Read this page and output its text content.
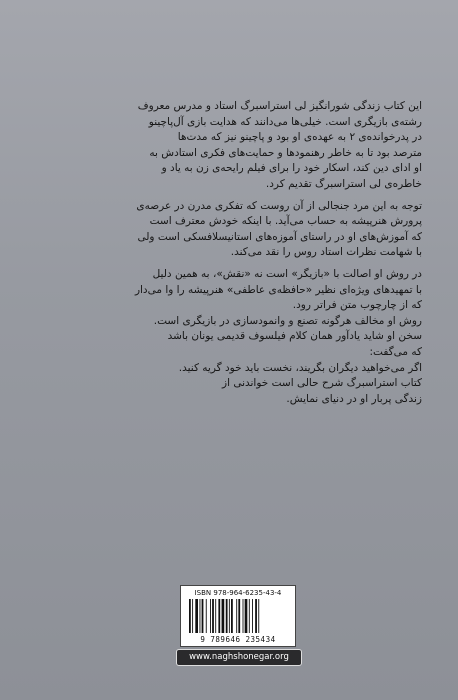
این کتاب زندگی شورانگیز لی استراسبرگ استاد و مدرس معروف
رشته‌ی بازیگری است. خیلی‌ها می‌دانند که هدایت بازی آل‌پاچینو
در پدرخوانده‌ی ۲ به عهده‌ی او بود و پاچینو نیز که مدت‌ها
مترصد بود تا به خاطر رهنمودها و حمایت‌های فکری استادش به
او ادای دین کند، اسکار خود را برای فیلم رایحه‌ی زن به یاد و
خاطره‌ی لی استراسبرگ تقدیم کرد.

توجه به این مرد جنجالی از آن روست که تفکری مدرن در عرصه‌ی
پرورش هنرپیشه به حساب می‌آید. با اینکه خودش معترف است
که آموزش‌های او در راستای آموزه‌های استانیسلافسکی است ولی
با شهامت نظرات استاد روس را نقد می‌کند.

در روش او اصالت با «بازیگر» است نه «نقش»، به همین دلیل
با تمهیدهای ویژه‌ای نظیر «حافظه‌ی عاطفی» هنرپیشه را وا می‌دار
که از چارچوب متن فراتر رود.
روش او مخالف هرگونه تصنع و وانمودسازی در بازیگری است.
سخن او شاید یادآور همان کلام فیلسوف قدیمی یونان باشد
که می‌گفت:
اگر می‌خواهید دیگران بگریند، نخست باید خود گریه کنید.
کتاب استراسبرگ شرح حالی است خواندنی از
زندگی پربار او در دنیای نمایش.

ISBN 978-964-6235-43-4
9 789646 235434
www.naghshonegar.org
